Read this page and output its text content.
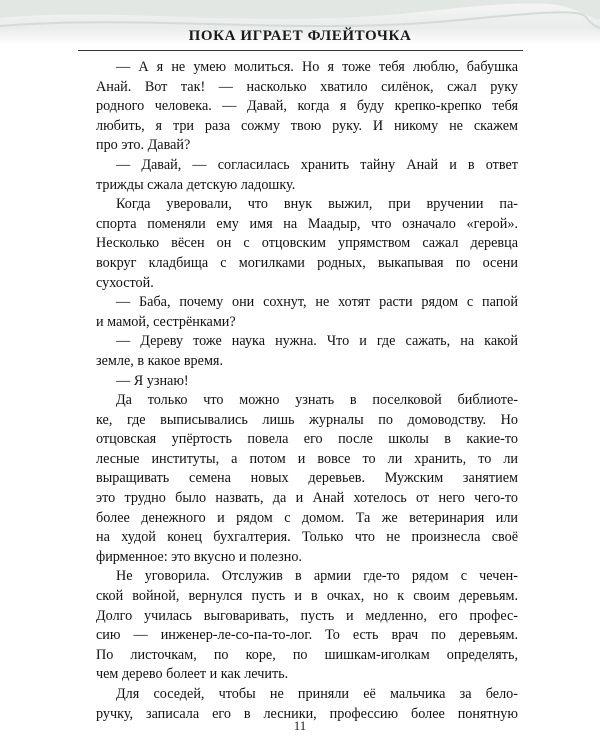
ПОКА ИГРАЕТ ФЛЕЙТОЧКА
— А я не умею молиться. Но я тоже тебя люблю, бабушка
Анай. Вот так! — насколько хватило силёнок, сжал руку
родного человека. — Давай, когда я буду крепко-крепко тебя
любить, я три раза сожму твою руку. И никому не скажем
про это. Давай?
— Давай, — согласилась хранить тайну Анай и в ответ
трижды сжала детскую ладошку.
Когда уверовали, что внук выжил, при вручении па-
спорта поменяли ему имя на Маадыр, что означало «герой».
Несколько вёсен он с отцовским упрямством сажал деревца
вокруг кладбища с могилками родных, выкапывая по осени
сухостой.
— Баба, почему они сохнут, не хотят расти рядом с папой
и мамой, сестрёнками?
— Дереву тоже наука нужна. Что и где сажать, на какой
земле, в какое время.
— Я узнаю!
Да только что можно узнать в поселковой библиоте-
ке, где выписывались лишь журналы по домоводству. Но
отцовская упёртость повела его после школы в какие-то
лесные институты, а потом и вовсе то ли хранить, то ли
выращивать семена новых деревьев. Мужским занятием
это трудно было назвать, да и Анай хотелось от него чего-то
более денежного и рядом с домом. Та же ветеринария или
на худой конец бухгалтерия. Только что не произнесла своё
фирменное: это вкусно и полезно.
Не уговорила. Отслужив в армии где-то рядом с чечен-
ской войной, вернулся пусть и в очках, но к своим деревьям.
Долго училась выговаривать, пусть и медленно, его профес-
сию — инженер-ле-со-па-то-лог. То есть врач по деревьям.
По листочкам, по коре, по шишкам-иголкам определять,
чем дерево болеет и как лечить.
Для соседей, чтобы не приняли её мальчика за бело-
ручку, записала его в лесники, профессию более понятную
11
